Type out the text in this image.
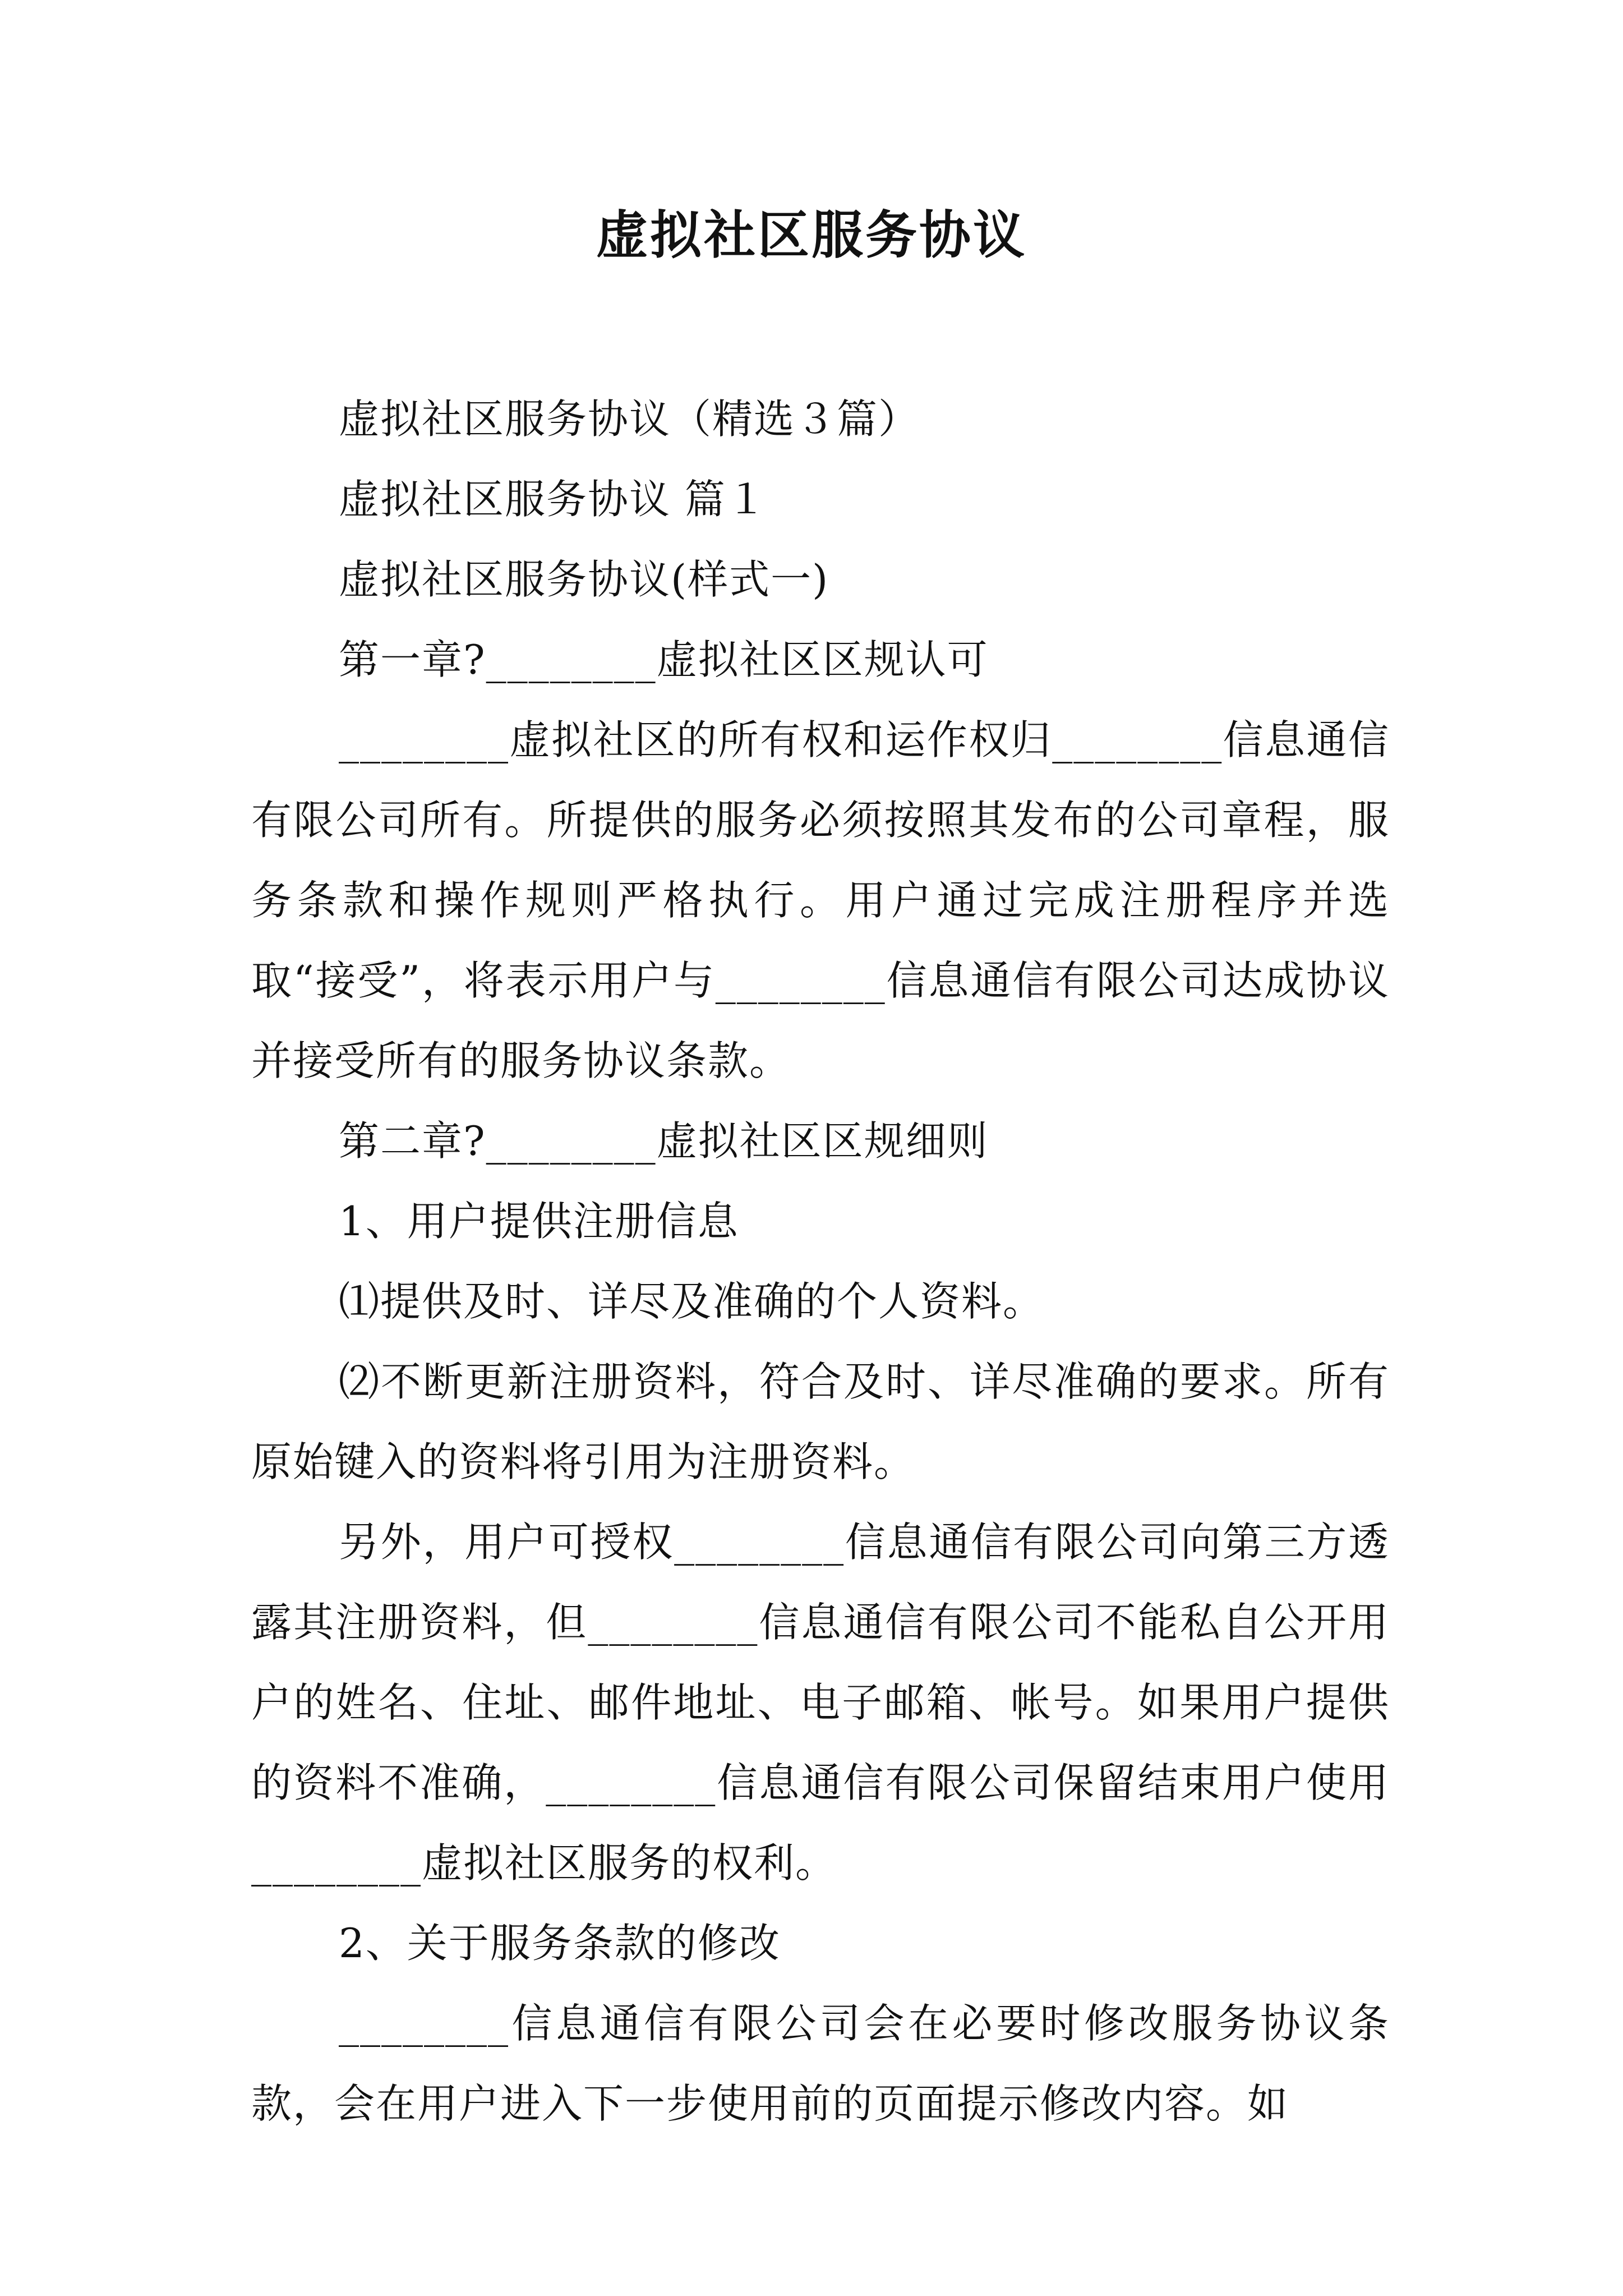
虚拟社区服务协议

虚拟社区服务协议（精选３篇）

虚拟社区服务协议 篇１

虚拟社区服务协议(样式一)

第一章?________虚拟社区区规认可

________虚拟社区的所有权和运作权归________信息通信有限公司所有。所提供的服务必须按照其发布的公司章程，服务条款和操作规则严格执行。用户通过完成注册程序并选取“接受”，将表示用户与________信息通信有限公司达成协议并接受所有的服务协议条款。

第二章?________虚拟社区区规细则

1、用户提供注册信息

⑴提供及时、详尽及准确的个人资料。

⑵不断更新注册资料，符合及时、详尽准确的要求。所有原始键入的资料将引用为注册资料。

另外，用户可授权________信息通信有限公司向第三方透露其注册资料，但________信息通信有限公司不能私自公开用户的姓名、住址、邮件地址、电子邮箱、帐号。如果用户提供的资料不准确，________信息通信有限公司保留结束用户使用________虚拟社区服务的权利。

2、关于服务条款的修改

________信息通信有限公司会在必要时修改服务协议条款，会在用户进入下一步使用前的页面提示修改内容。如
